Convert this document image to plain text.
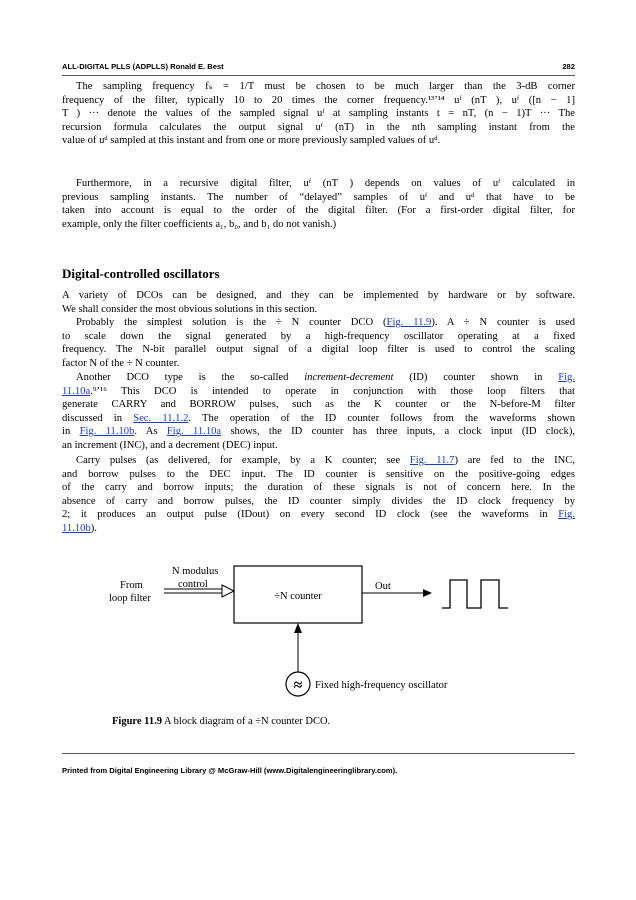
ALL-DIGITAL PLLS (ADPLLS) Ronald E. Best	282
The sampling frequency fₛ = 1/T must be chosen to be much larger than the 3-dB corner
frequency of the filter, typically 10 to 20 times the corner frequency.¹³ʼ¹⁴ uᶠ (nT ), uᶠ ([n − 1]
T ) ··· denote the values of the sampled signal uᶠ at sampling instants t = nT, (n − 1)T ··· The
recursion formula calculates the output signal uᶠ (nT) in the nth sampling instant from the
value of uᵈ sampled at this instant and from one or more previously sampled values of uᵈ.
Furthermore, in a recursive digital filter, uᶠ (nT ) depends on values of uᶠ calculated in
previous sampling instants. The number of “delayed” samples of uᶠ and uᵈ that have to be
taken into account is equal to the order of the digital filter. (For a first-order digital filter, for
example, only the filter coefficients a₁, b₀, and b₁ do not vanish.)
Digital-controlled oscillators
A variety of DCOs can be designed, and they can be implemented by hardware or by software.
We shall consider the most obvious solutions in this section.
Probably the simplest solution is the ÷ N counter DCO (Fig. 11.9). A ÷ N counter is used
to scale down the signal generated by a high-frequency oscillator operating at a fixed
frequency. The N-bit parallel output signal of a digital loop filter is used to control the scaling
factor N of the ÷ N counter.
Another DCO type is the so-called increment-decrement (ID) counter shown in Fig.
11.10a.⁹ʼ¹⁶ This DCO is intended to operate in conjunction with those loop filters that
generate CARRY and BORROW pulses, such as the K counter or the N-before-M filter
discussed in Sec. 11.1.2. The operation of the ID counter follows from the waveforms shown
in Fig. 11.10b. As Fig. 11.10a shows, the ID counter has three inputs, a clock input (ID clock),
an increment (INC), and a decrement (DEC) input.
Carry pulses (as delivered, for example, by a K counter; see Fig. 11.7) are fed to the INC,
and borrow pulses to the DEC input. The ID counter is sensitive on the positive-going edges
of the carry and borrow inputs; the duration of these signals is not of concern here. In the
absence of carry and borrow pulses, the ID counter simply divides the ID clock frequency by
2; it produces an output pulse (IDout) on every second ID clock (see the waveforms in Fig.
11.10b).
N modulus
control
From
loop filter	÷N counter
Out
≈ Fixed high-frequency oscillator
Figure 11.9 A block diagram of a ÷N counter DCO.
Printed from Digital Engineering Library @ McGraw-Hill (www.Digitalengineeringlibrary.com).
